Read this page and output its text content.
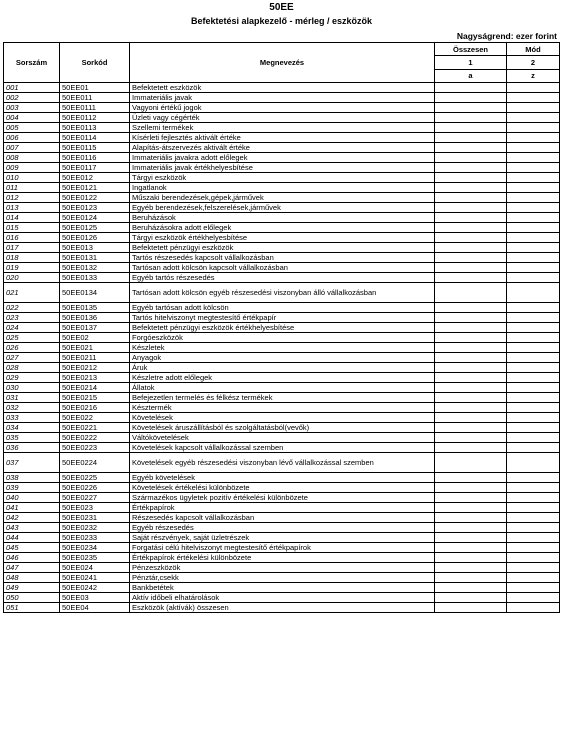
50EE
Befektetési alapkezelő - mérleg / eszközök
Nagyságrend: ezer forint
Sorszám	Sorkód	Megnevezés	Összesen	Mód
			1	2
			a	z
001	50EE01	Befektetett eszközök		
002	50EE011	Immateriális javak		
003	50EE0111	Vagyoni értékű jogok		
004	50EE0112	Üzleti vagy cégérték		
005	50EE0113	Szellemi termékek		
006	50EE0114	Kísérleti fejlesztés aktivált értéke		
007	50EE0115	Alapítás-átszervezés aktivált értéke		
008	50EE0116	Immateriális javakra adott előlegek		
009	50EE0117	Immateriális javak értékhelyesbítése		
010	50EE012	Tárgyi eszközök		
011	50EE0121	Ingatlanok		
012	50EE0122	Műszaki berendezések,gépek,járművek		
013	50EE0123	Egyéb berendezések,felszerelések,járművek		
014	50EE0124	Beruházások		
015	50EE0125	Beruházásokra adott előlegek		
016	50EE0126	Tárgyi eszközök értékhelyesbítése		
017	50EE013	Befektetett pénzügyi eszközök		
018	50EE0131	Tartós részesedés kapcsolt vállalkozásban		
019	50EE0132	Tartósan adott kölcsön kapcsolt vállalkozásban		
020	50EE0133	Egyéb tartós részesedés		
021	50EE0134	Tartósan adott kölcsön egyéb részesedési viszonyban álló vállalkozásban		
022	50EE0135	Egyéb tartósan adott kölcsön		
023	50EE0136	Tartós hitelviszonyt megtestesítő értékpapír		
024	50EE0137	Befektetett pénzügyi eszközök értékhelyesbítése		
025	50EE02	Forgóeszközök		
026	50EE021	Készletek		
027	50EE0211	Anyagok		
028	50EE0212	Áruk		
029	50EE0213	Készletre adott előlegek		
030	50EE0214	Állatok		
031	50EE0215	Befejezetlen termelés és félkész termékek		
032	50EE0216	Késztermék		
033	50EE022	Követelések		
034	50EE0221	Követelések áruszállításból és szolgáltatásból(vevők)		
035	50EE0222	Váltókövetelések		
036	50EE0223	Követelések kapcsolt vállalkozással szemben		
037	50EE0224	Követelések egyéb részesedési viszonyban lévő vállalkozással szemben		
038	50EE0225	Egyéb követelések		
039	50EE0226	Követelések értékelési különbözete		
040	50EE0227	Származékos ügyletek pozitív értékelési különbözete		
041	50EE023	Értékpapírok		
042	50EE0231	Részesedés kapcsolt vállalkozásban		
043	50EE0232	Egyéb részesedés		
044	50EE0233	Saját részvények, saját üzletrészek		
045	50EE0234	Forgatási célú hitelviszonyt megtestesítő értékpapírok		
046	50EE0235	Értékpapírok értékelési különbözete		
047	50EE024	Pénzeszközök		
048	50EE0241	Pénztár,csekk		
049	50EE0242	Bankbetétek		
050	50EE03	Aktív időbeli elhatárolások		
051	50EE04	Eszközök (aktívák) összesen		
